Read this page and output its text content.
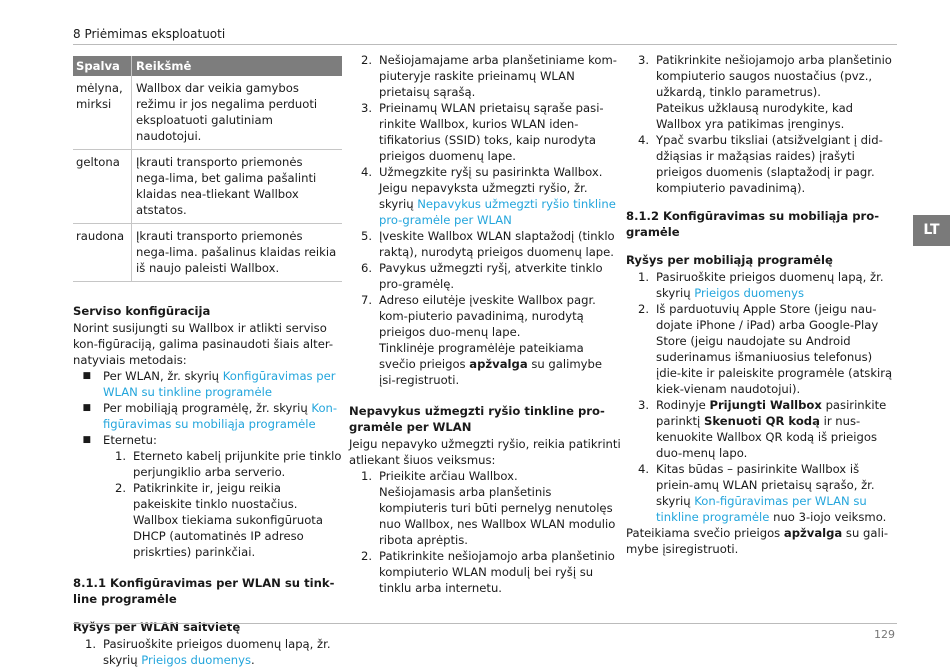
8 Priėmimas eksploatuoti
LT
Spalva	Reikšmė
mėlyna, mirksi	Wallbox dar veikia gamybos režimu ir jos negalima perduoti eksploatuoti galutiniam naudotojui.
geltona	Įkrauti transporto priemonės nega-lima, bet galima pašalinti klaidas nea-tliekant Wallbox atstatos.
raudona	Įkrauti transporto priemonės nega-lima. pašalinus klaidas reikia iš naujo paleisti Wallbox.

Serviso konfigūracija

Norint susijungti su Wallbox ir atlikti serviso kon-figūraciją, galima pasinaudoti šiais alter-natyviais metodais:

■	Per WLAN, žr. skyrių Konfigūravimas per WLAN su tinkline programėle
■	Per mobiliąją programėlę, žr. skyrių Kon-figūravimas su mobiliąja programėle
■	Eternetu:
1. Eterneto kabelį prijunkite prie tinklo perjungiklio arba serverio.
2. Patikrinkite ir, jeigu reikia pakeiskite tinklo nuostačius. Wallbox tiekiama sukonfigūruota DHCP (automatinės IP adreso priskrties) parinkčiai.

8.1.1 Konfigūravimas per WLAN su tink-line programėle

Ryšys per WLAN saitvietę

1. Pasiruoškite prieigos duomenų lapą, žr. skyrių Prieigos duomenys.
2. Nešiojamajame arba planšetiniame kom-piuteryje raskite prieinamų WLAN prietaisų sąrašą.
3. Prieinamų WLAN prietaisų sąraše pasi-rinkite Wallbox, kurios WLAN iden-tifikatorius (SSID) toks, kaip nurodyta prieigos duomenų lape.
4. Užmegzkite ryšį su pasirinkta Wallbox.

Jeigu nepavyksta užmegzti ryšio, žr. skyrių Nepavykus užmegzti ryšio tinkline pro-gramėle per WLAN

5. Įveskite Wallbox WLAN slaptažodį (tinklo raktą), nurodytą prieigos duomenų lape.
6. Pavykus užmegzti ryšį, atverkite tinklo pro-gramėlę.
7. Adreso eilutėje įveskite Wallbox pagr. kom-piuterio pavadinimą, nurodytą prieigos duo-menų lape.

Tinklinėje programėlėje pateikiama svečio prieigos apžvalga su galimybe įsi-registruoti.

Nepavykus užmegzti ryšio tinkline pro-gramėle per WLAN

Jeigu nepavyko užmegzti ryšio, reikia patikrinti atliekant šiuos veiksmus:

1. Prieikite arčiau Wallbox.

Nešiojamasis arba planšetinis kompiuteris turi būti pernelyg nenutolęs nuo Wallbox, nes Wallbox WLAN modulio ribota aprėptis.

2. Patikrinkite nešiojamojo arba planšetinio kompiuterio WLAN modulį bei ryšį su tinklu arba internetu.
3. Patikrinkite nešiojamojo arba planšetinio kompiuterio saugos nuostačius (pvz., užkardą, tinklo parametrus).

Pateikus užklausą nurodykite, kad Wallbox yra patikimas įrenginys.

4. Ypač svarbu tiksliai (atsižvelgiant į did-džiąsias ir mažąsias raides) įrašyti prieigos duomenis (slaptažodį ir pagr. kompiuterio pavadinimą).

8.1.2 Konfigūravimas su mobiliąja pro-gramėle

Ryšys per mobiliąją programėlę

1. Pasiruoškite prieigos duomenų lapą, žr. skyrių Prieigos duomenys
2. Iš parduotuvių Apple Store (jeigu nau-dojate iPhone / iPad) arba Google-Play Store (jeigu naudojate su Android suderinamus išmaniuosius telefonus) įdie-kite ir paleiskite programėle (atskirą kiek-vienam naudotojui).
3. Rodinyje Prijungti Wallbox pasirinkite parinktį Skenuoti QR kodą ir nus-kenuokite Wallbox QR kodą iš prieigos duo-menų lapo.
4. Kitas būdas – pasirinkite Wallbox iš priein-amų WLAN prietaisų sąrašo, žr. skyrių Kon-figūravimas per WLAN su tinkline programėle nuo 3-iojo veiksmo.

Pateikiama svečio prieigos apžvalga su gali-mybe įsiregistruoti.

129
